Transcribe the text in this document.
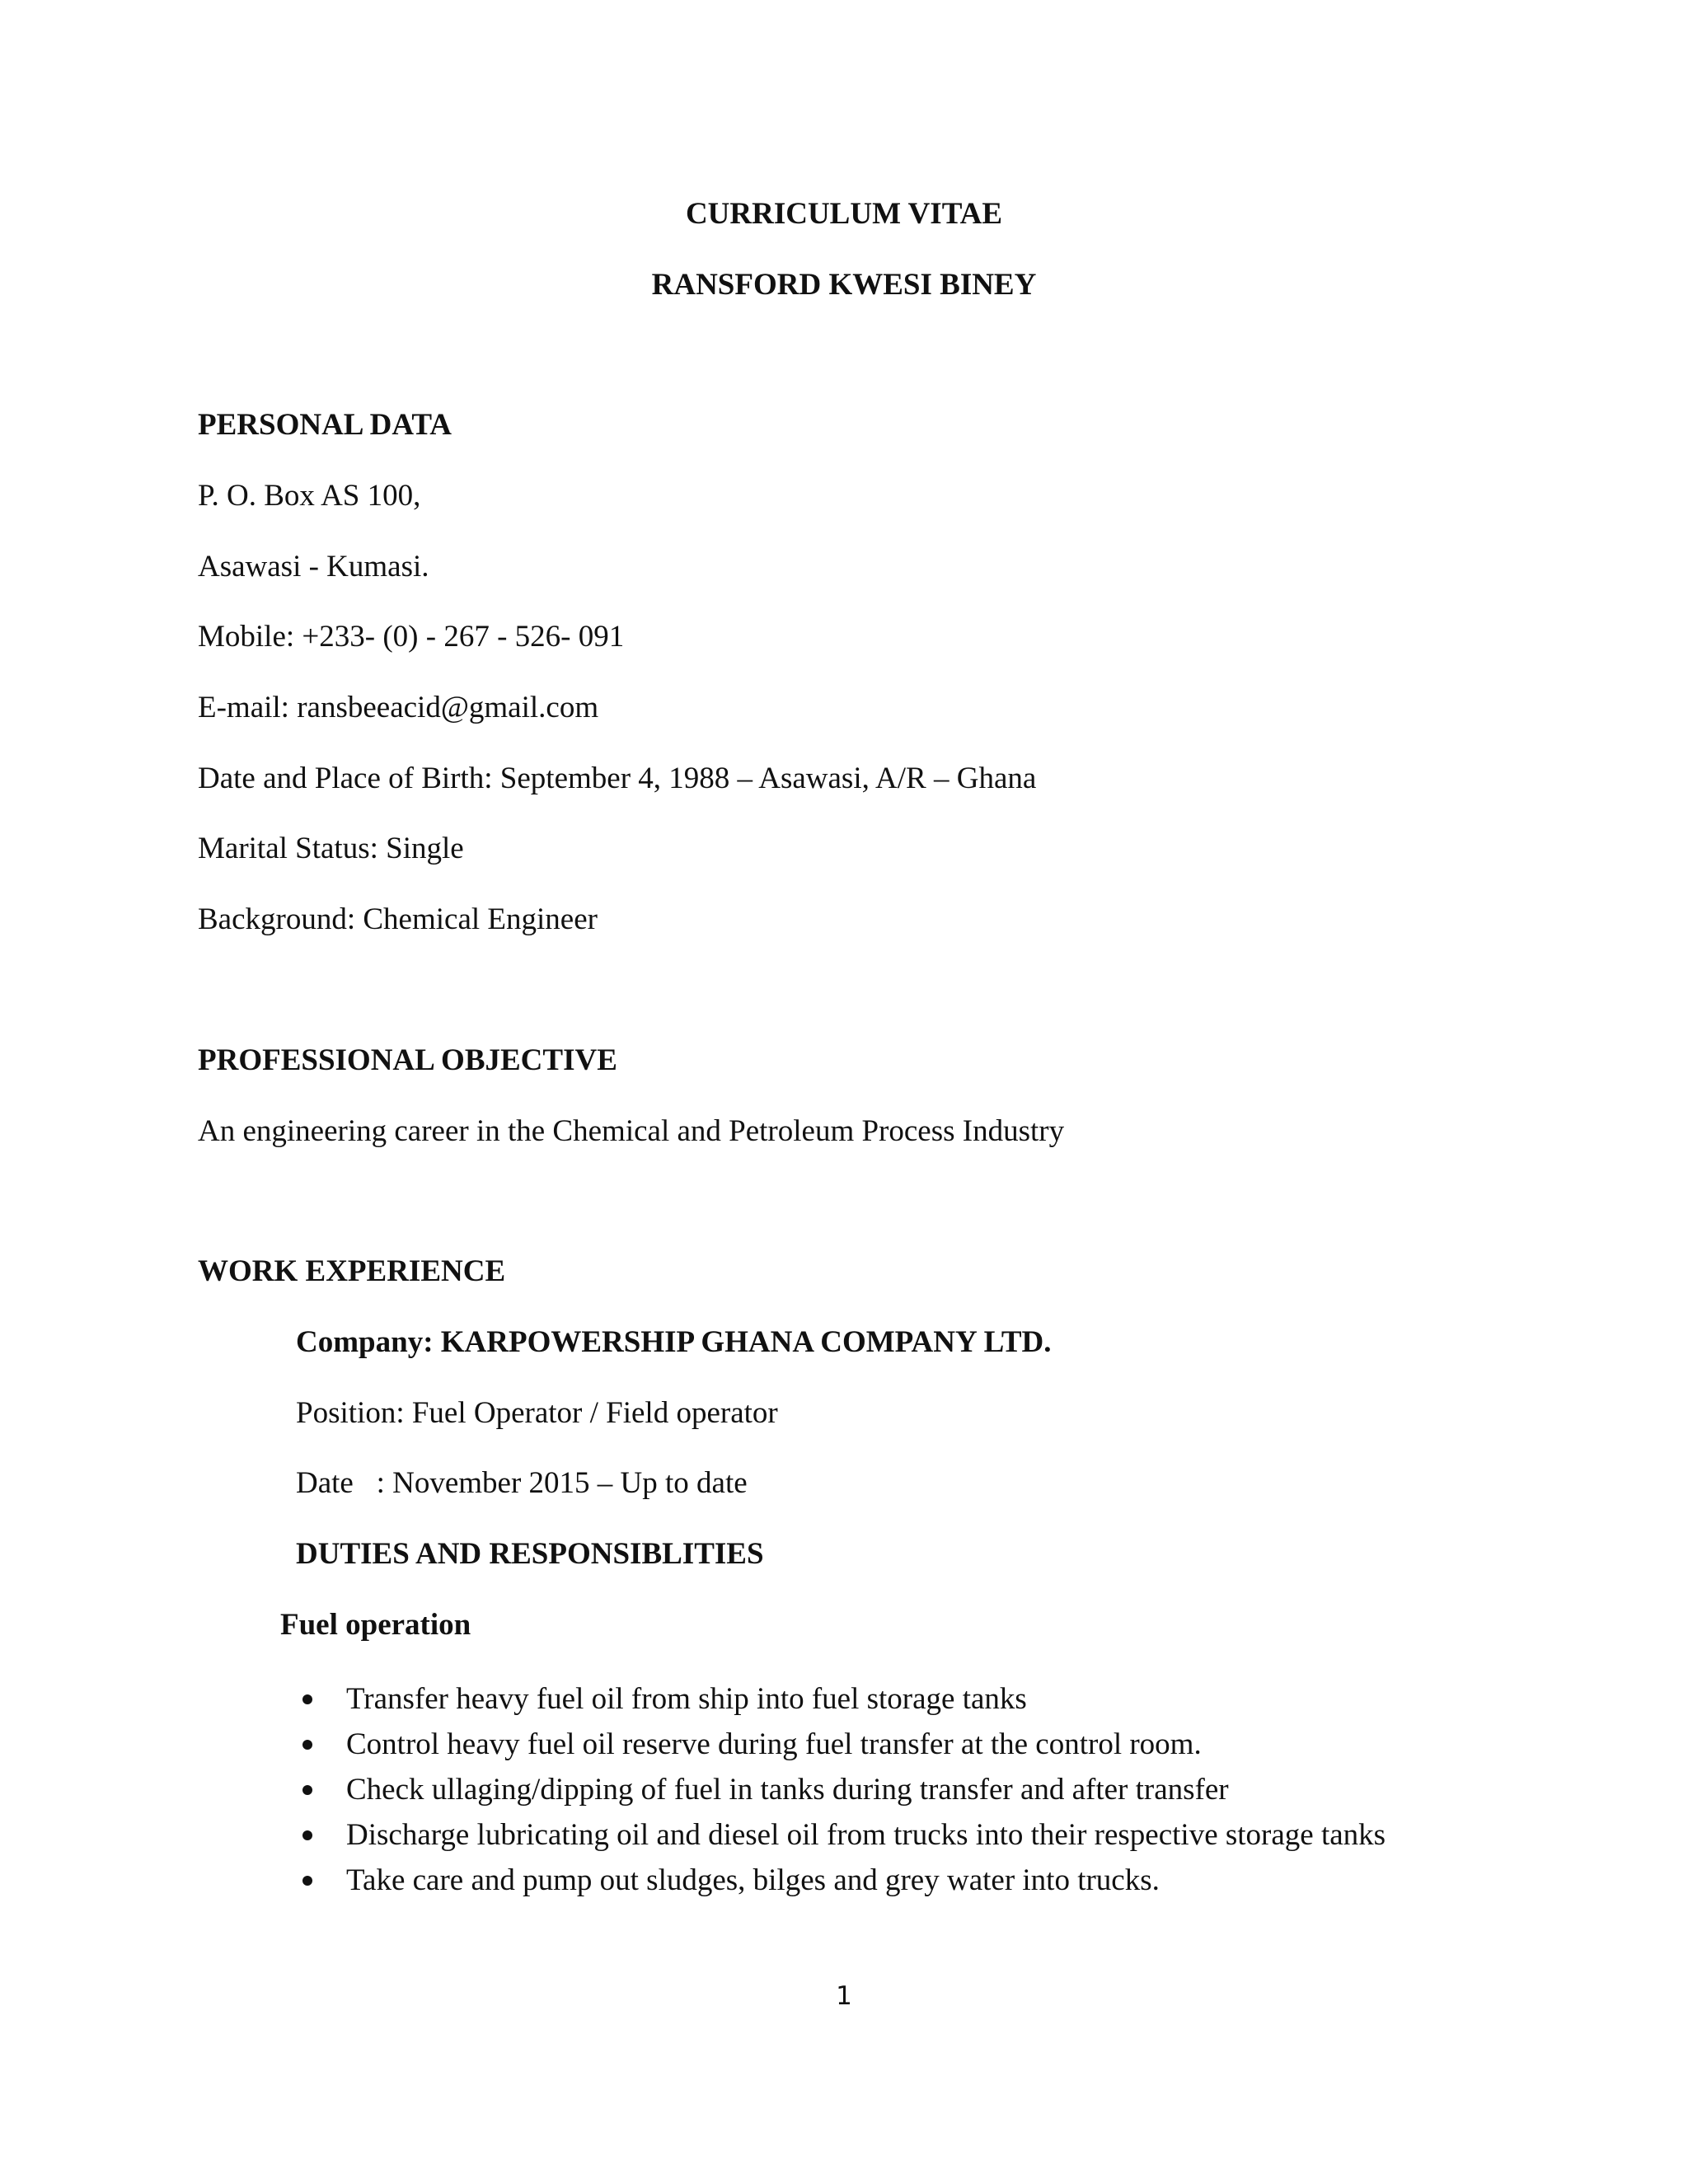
CURRICULUM VITAE

RANSFORD KWESI BINEY

PERSONAL DATA

P. O. Box AS 100,

Asawasi - Kumasi.

Mobile: +233- (0) - 267 - 526- 091

E-mail: ransbeeacid@gmail.com

Date and Place of Birth: September 4, 1988 – Asawasi, A/R – Ghana

Marital Status: Single

Background: Chemical Engineer

PROFESSIONAL OBJECTIVE

An engineering career in the Chemical and Petroleum Process Industry

WORK EXPERIENCE

Company: KARPOWERSHIP GHANA COMPANY LTD.

Position: Fuel Operator / Field operator

Date   : November 2015 – Up to date

DUTIES AND RESPONSIBLITIES

Fuel operation

Transfer heavy fuel oil from ship into fuel storage tanks
Control heavy fuel oil reserve during fuel transfer at the control room.
Check ullaging/dipping of fuel in tanks during transfer and after transfer
Discharge lubricating oil and diesel oil from trucks into their respective storage tanks
Take care and pump out sludges, bilges and grey water into trucks.
1
